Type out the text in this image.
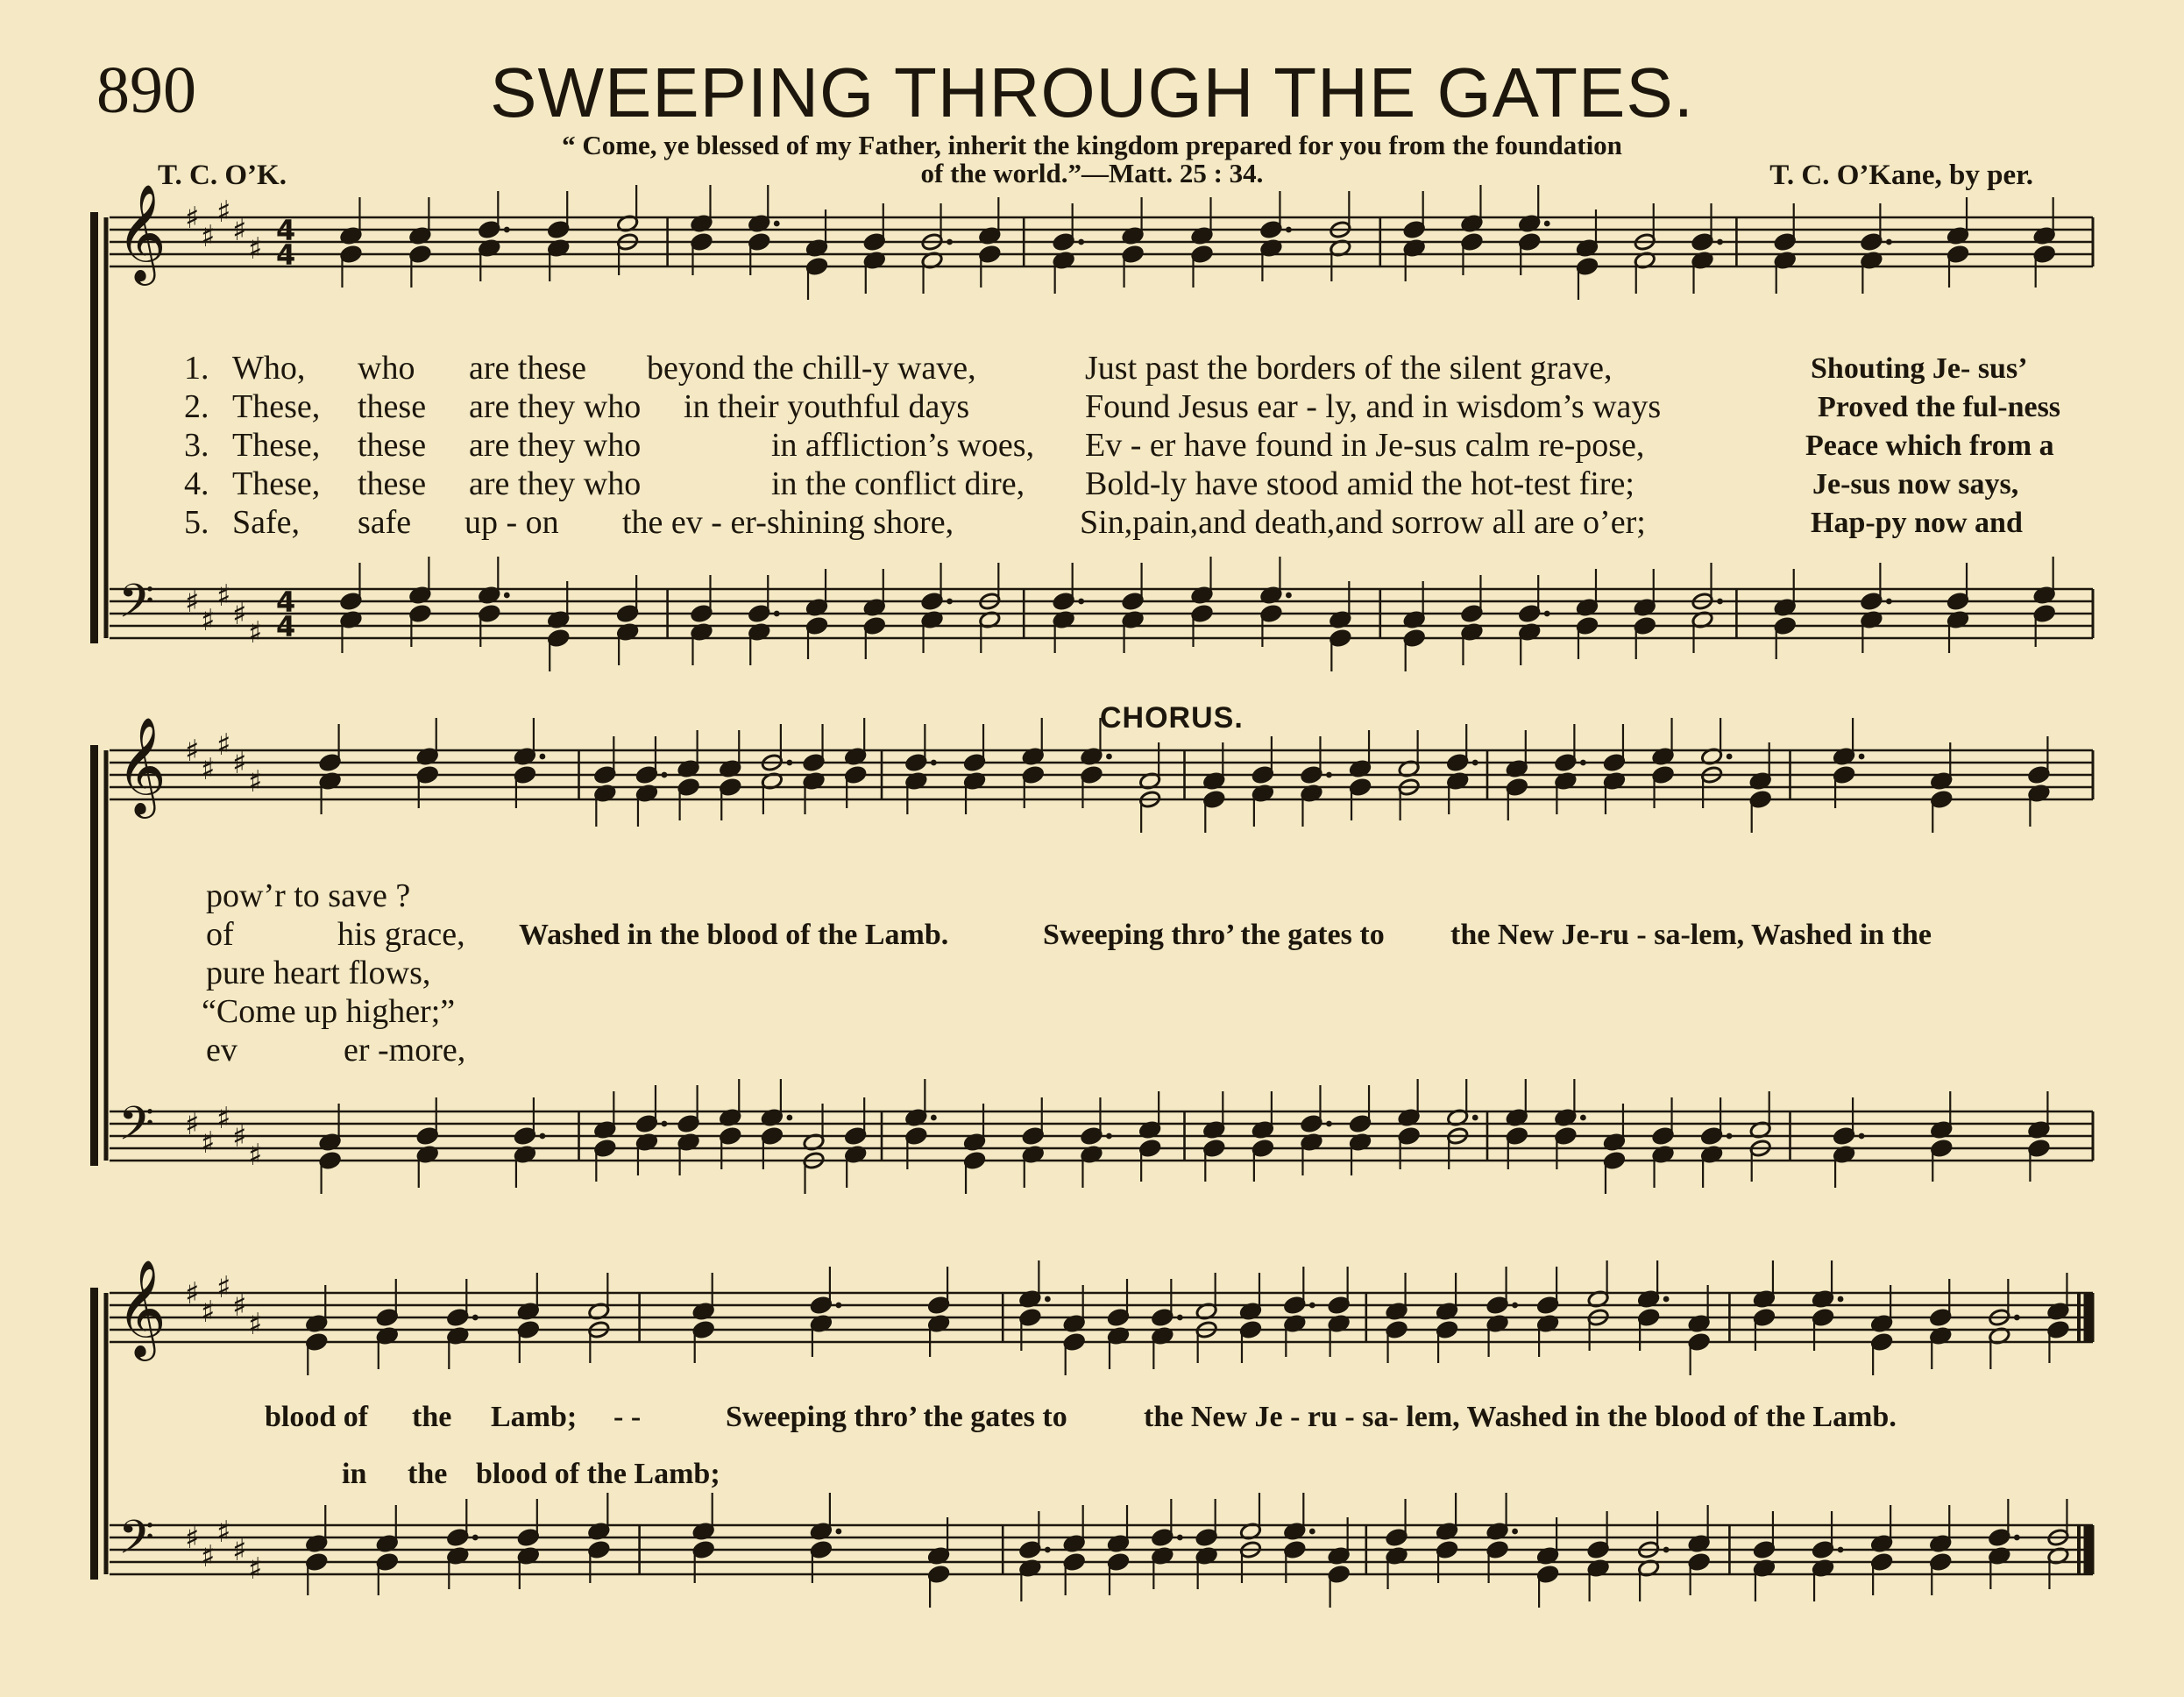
890	SWEEPING THROUGH THE GATES.
“ Come, ye blessed of my Father, inherit the kingdom prepared for you from the foundation
of the world.”—Matt. 25 : 34.
T. C. O’K.	T. C. O’Kane, by per.
𝄞
𝄢
♯
♯
♯
♯
♯
♯
♯
♯
♯
♯
4
4
4
4
𝄞
𝄢
♯
♯
♯
♯
♯
♯
♯
♯
♯
♯
𝄞
𝄢
♯
♯
♯
♯
♯
♯
♯
♯
♯
♯
1. Who, who are these beyond the chill-y wave,	Just past the borders of the silent grave,	Shouting Je- sus’
2. These, these are they who in their youthful days	Found Jesus ear - ly, and in wisdom’s ways	Proved the ful-ness
3. These, these are they who	in affliction’s woes, Ev - er have found in Je-sus calm re-pose,	Peace which from a
4. These, these are they who	in the conflict dire, Bold-ly have stood amid the hot-test fire;	Je-sus now says,
5. Safe, safe up - on the ev - er-shining shore,	Sin,pain,and death,and sorrow all are o’er;	Hap-py now and
CHORUS.
pow’r to save ?
of	his grace, Washed in the blood of the Lamb.	Sweeping thro’ the gates to the New Je-ru - sa-lem, Washed in the
pure heart flows,
“Come up higher;”
ev	er -more,
blood of the Lamb; - -	Sweeping thro’ the gates to	the New Je - ru - sa- lem, Washed in the blood of the Lamb.
in the blood of the Lamb;
